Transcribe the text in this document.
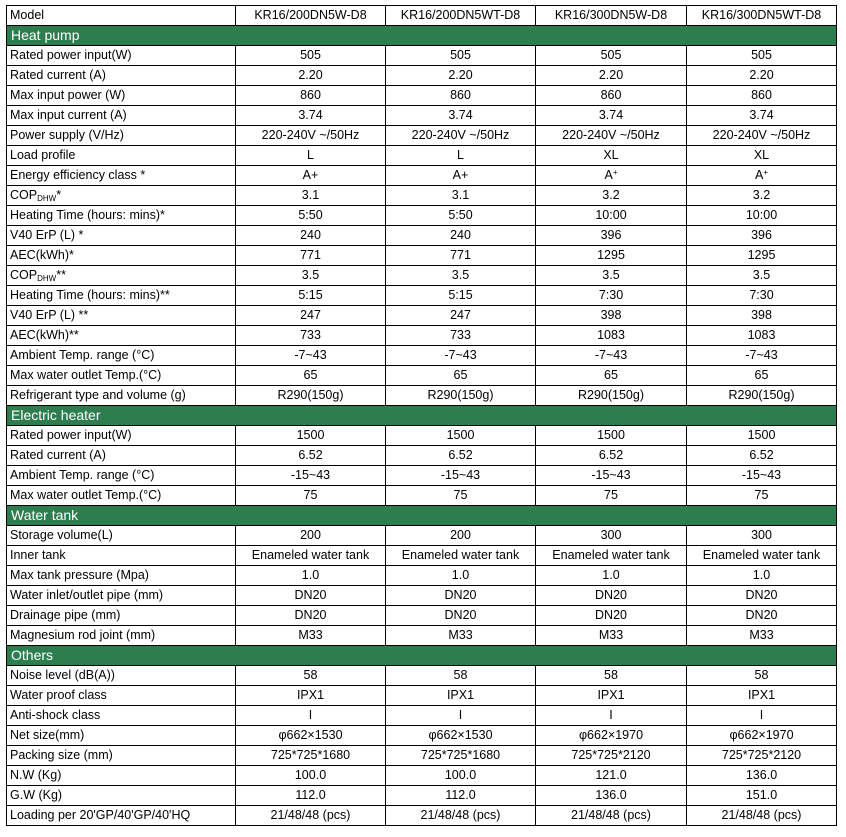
Model	KR16/200DN5W-D8	KR16/200DN5WT-D8	KR16/300DN5W-D8	KR16/300DN5WT-D8
Heat pump				
Rated power input(W)	505	505	505	505
Rated current (A)	2.20	2.20	2.20	2.20
Max input power (W)	860	860	860	860
Max input current (A)	3.74	3.74	3.74	3.74
Power supply (V/Hz)	220-240V ~/50Hz	220-240V ~/50Hz	220-240V ~/50Hz	220-240V ~/50Hz
Load profile	L	L	XL	XL
Energy efficiency class *	A+	A+	A+	A+
$COP_{DHW}*$	3.1	3.1	3.2	3.2
Heating Time (hours: mins)*	5:50	5:50	10:00	10:00
V40 ErP (L) *	240	240	396	396
AEC(kWh)*	771	771	1295	1295
$COP_{DHW}**$	3.5	3.5	3.5	3.5
Heating Time (hours: mins)**	5:15	5:15	7:30	7:30
V40 ErP (L) **	247	247	398	398
AEC(kWh)**	733	733	1083	1083
Ambient Temp. range (°C)	-7~43	-7~43	-7~43	-7~43
Max water outlet Temp.(°C)	65	65	65	65
Refrigerant type and volume (g)	R290(150g)	R290(150g)	R290(150g)	R290(150g)
Electric heater				
Rated power input(W)	1500	1500	1500	1500
Rated current (A)	6.52	6.52	6.52	6.52
Ambient Temp. range (°C)	-15~43	-15~43	-15~43	-15~43
Max water outlet Temp.(°C)	75	75	75	75
Water tank				
Storage volume(L)	200	200	300	300
Inner tank	Enameled water tank	Enameled water tank	Enameled water tank	Enameled water tank
Max tank pressure (Mpa)	1.0	1.0	1.0	1.0
Water inlet/outlet pipe (mm)	DN20	DN20	DN20	DN20
Drainage pipe (mm)	DN20	DN20	DN20	DN20
Magnesium rod joint (mm)	M33	M33	M33	M33
Others				
Noise level (dB(A))	58	58	58	58
Water proof class	IPX1	IPX1	IPX1	IPX1
Anti-shock class	I	I	I	I
Net size(mm)	φ662×1530	φ662×1530	φ662×1970	φ662×1970
Packing size (mm)	725*725*1680	725*725*1680	725*725*2120	725*725*2120
N.W (Kg)	100.0	100.0	121.0	136.0
G.W (Kg)	112.0	112.0	136.0	151.0
Loading per 20'GP/40'GP/40'HQ	21/48/48 (pcs)	21/48/48 (pcs)	21/48/48 (pcs)	21/48/48 (pcs)
